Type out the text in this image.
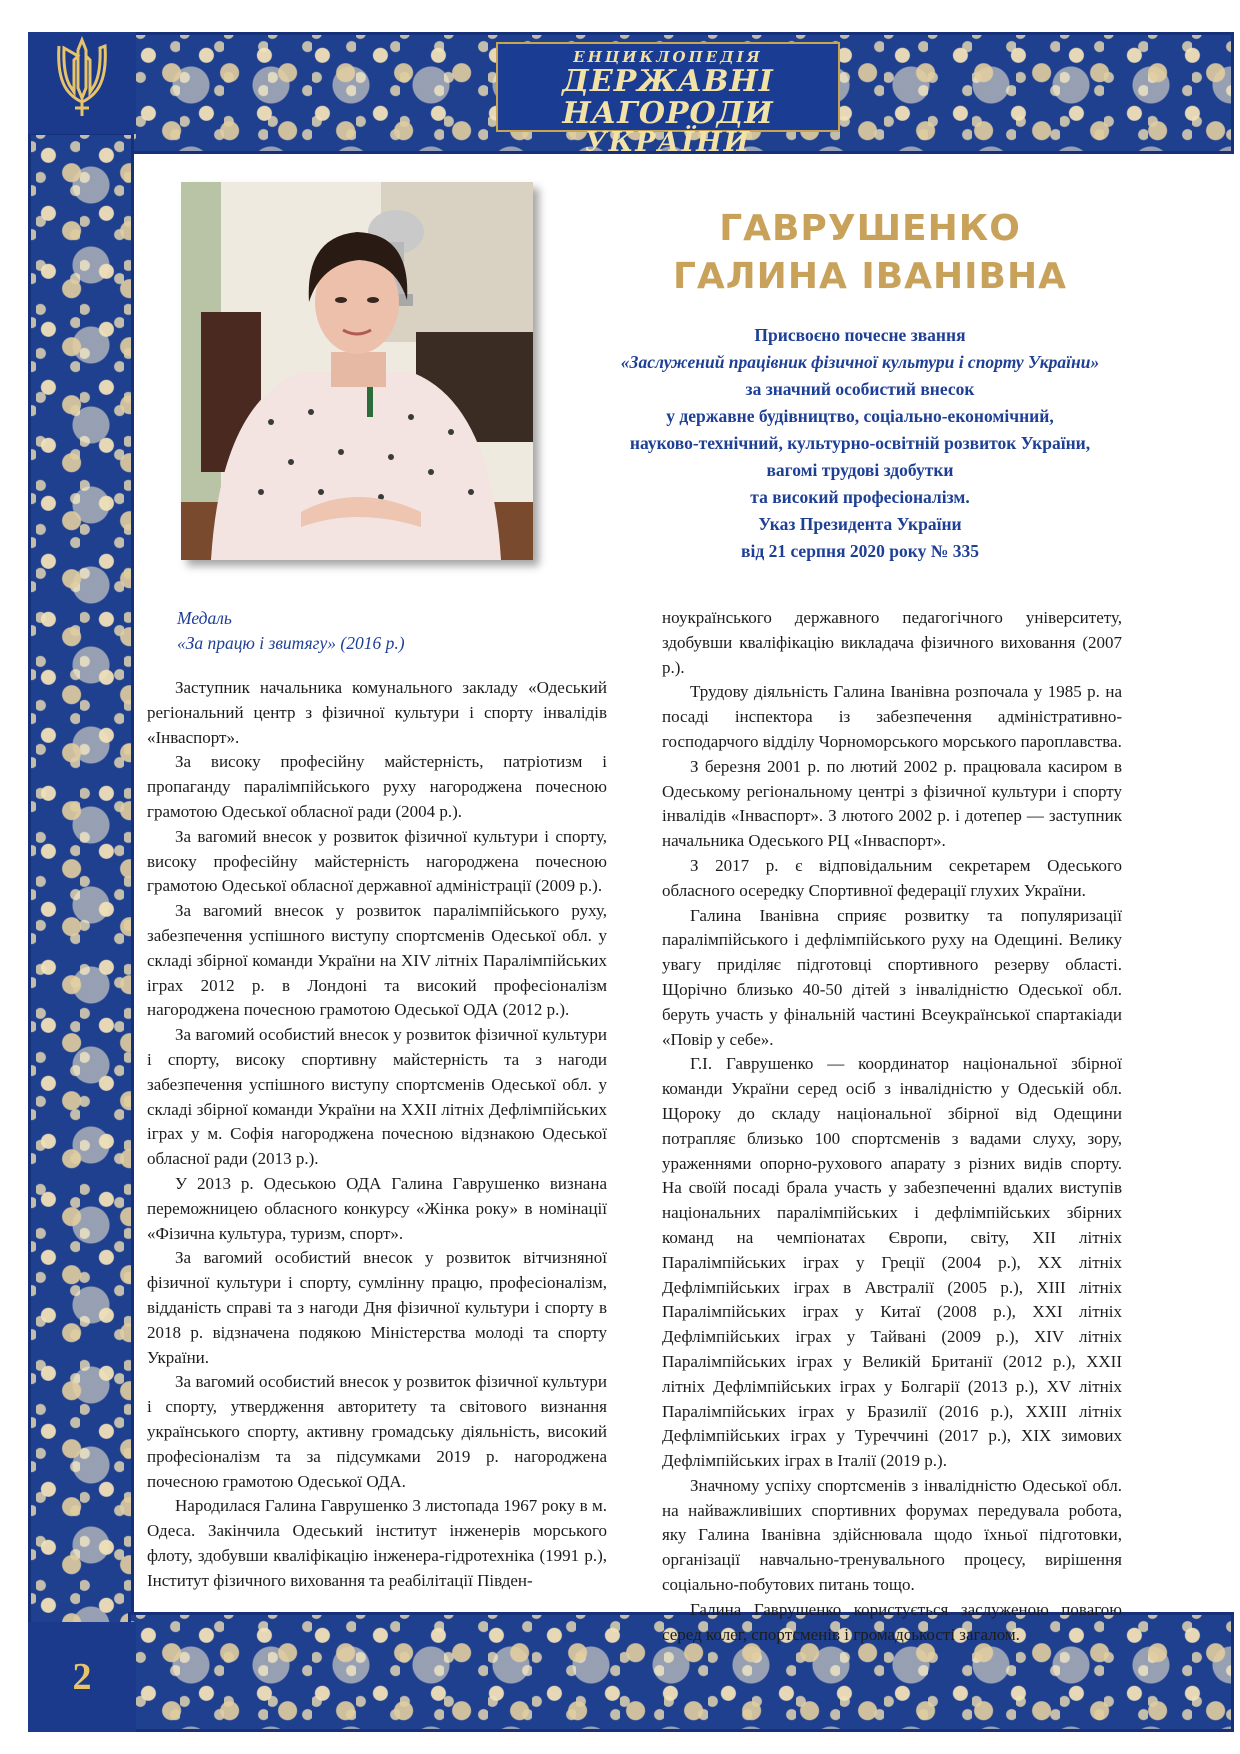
2
ЕНЦИКЛОПЕДІЯ
ДЕРЖАВНІ НАГОРОДИ
УКРАЇНИ
ГАВРУШЕНКО
ГАЛИНА ІВАНІВНА
Присвоєно почесне звання
«Заслужений працівник фізичної культури і спорту України»
за значний особистий внесок
у державне будівництво, соціально-економічний,
науково-технічний, культурно-освітній розвиток України,
вагомі трудові здобутки
та високий професіоналізм.
Указ Президента України
від 21 серпня 2020 року № 335
Медаль
«За працю і звитягу» (2016 р.)

Заступник начальника комунального закладу «Одеський регіональний центр з фізичної культури і спорту інвалідів «Інваспорт».

За високу професійну майстерність, патріотизм і пропаганду паралімпійського руху нагороджена почесною грамотою Одеської обласної ради (2004 р.).

За вагомий внесок у розвиток фізичної культури і спорту, високу професійну майстерність нагороджена почесною грамотою Одеської обласної державної адміністрації (2009 р.).

За вагомий внесок у розвиток паралімпійського руху, забезпечення успішного виступу спортсменів Одеської обл. у складі збірної команди України на XIV літніх Паралімпійських іграх 2012 р. в Лондоні та високий професіоналізм нагороджена почесною грамотою Одеської ОДА (2012 р.).

За вагомий особистий внесок у розвиток фізичної культури і спорту, високу спортивну майстерність та з нагоди забезпечення успішного виступу спортсменів Одеської обл. у складі збірної команди України на XXII літніх Дефлімпійських іграх у м. Софія нагороджена почесною відзнакою Одеської обласної ради (2013 р.).

У 2013 р. Одеською ОДА Галина Гаврушенко визнана переможницею обласного конкурсу «Жінка року» в номінації «Фізична культура, туризм, спорт».

За вагомий особистий внесок у розвиток вітчизняної фізичної культури і спорту, сумлінну працю, професіоналізм, відданість справі та з нагоди Дня фізичної культури і спорту в 2018 р. відзначена подякою Міністерства молоді та спорту України.

За вагомий особистий внесок у розвиток фізичної культури і спорту, утвердження авторитету та світового визнання українського спорту, активну громадську діяльність, високий професіоналізм та за підсумками 2019 р. нагороджена почесною грамотою Одеської ОДА.

Народилася Галина Гаврушенко 3 листопада 1967 року в м. Одеса. Закінчила Одеський інститут інженерів морського флоту, здобувши кваліфікацію інженера-гідротехніка (1991 р.), Інститут фізичного виховання та реабілітації Півден-

ноукраїнського державного педагогічного університету, здобувши кваліфікацію викладача фізичного виховання (2007 р.).

Трудову діяльність Галина Іванівна розпочала у 1985 р. на посаді інспектора із забезпечення адміністративно-господарчого відділу Чорноморського морського пароплавства.

З березня 2001 р. по лютий 2002 р. працювала касиром в Одеському регіональному центрі з фізичної культури і спорту інвалідів «Інваспорт». З лютого 2002 р. і дотепер — заступник начальника Одеського РЦ «Інваспорт».

З 2017 р. є відповідальним секретарем Одеського обласного осередку Спортивної федерації глухих України.

Галина Іванівна сприяє розвитку та популяризації паралімпійського і дефлімпійського руху на Одещині. Велику увагу приділяє підготовці спортивного резерву області. Щорічно близько 40-50 дітей з інвалідністю Одеської обл. беруть участь у фінальній частині Всеукраїнської спартакіади «Повір у себе».

Г.І. Гаврушенко — координатор національної збірної команди України серед осіб з інвалідністю у Одеській обл. Щороку до складу національної збірної від Одещини потрапляє близько 100 спортсменів з вадами слуху, зору, ураженнями опорно-рухового апарату з різних видів спорту. На своїй посаді брала участь у забезпеченні вдалих виступів національних паралімпійських і дефлімпійських збірних команд на чемпіонатах Європи, світу, XII літніх Паралімпійських іграх у Греції (2004 р.), XX літніх Дефлімпійських іграх в Австралії (2005 р.), XIII літніх Паралімпійських іграх у Китаї (2008 р.), XXI літніх Дефлімпійських іграх у Тайвані (2009 р.), XIV літніх Паралімпійських іграх у Великій Британії (2012 р.), XXII літніх Дефлімпійських іграх у Болгарії (2013 р.), XV літніх Паралімпійських іграх у Бразилії (2016 р.), XXIII літніх Дефлімпійських іграх у Туреччині (2017 р.), XIX зимових Дефлімпійських ігрaх в Італії (2019 р.).

Значному успіху спортсменів з інвалідністю Одеської обл. на найважливіших спортивних форумах передувала робота, яку Галина Іванівна здійснювала щодо їхньої підготовки, організації навчально-тренувального процесу, вирішення соціально-побутових питань тощо.

Галина Гаврушенко користується заслуженою повагою серед колег, спортсменів і громадськості загалом.
